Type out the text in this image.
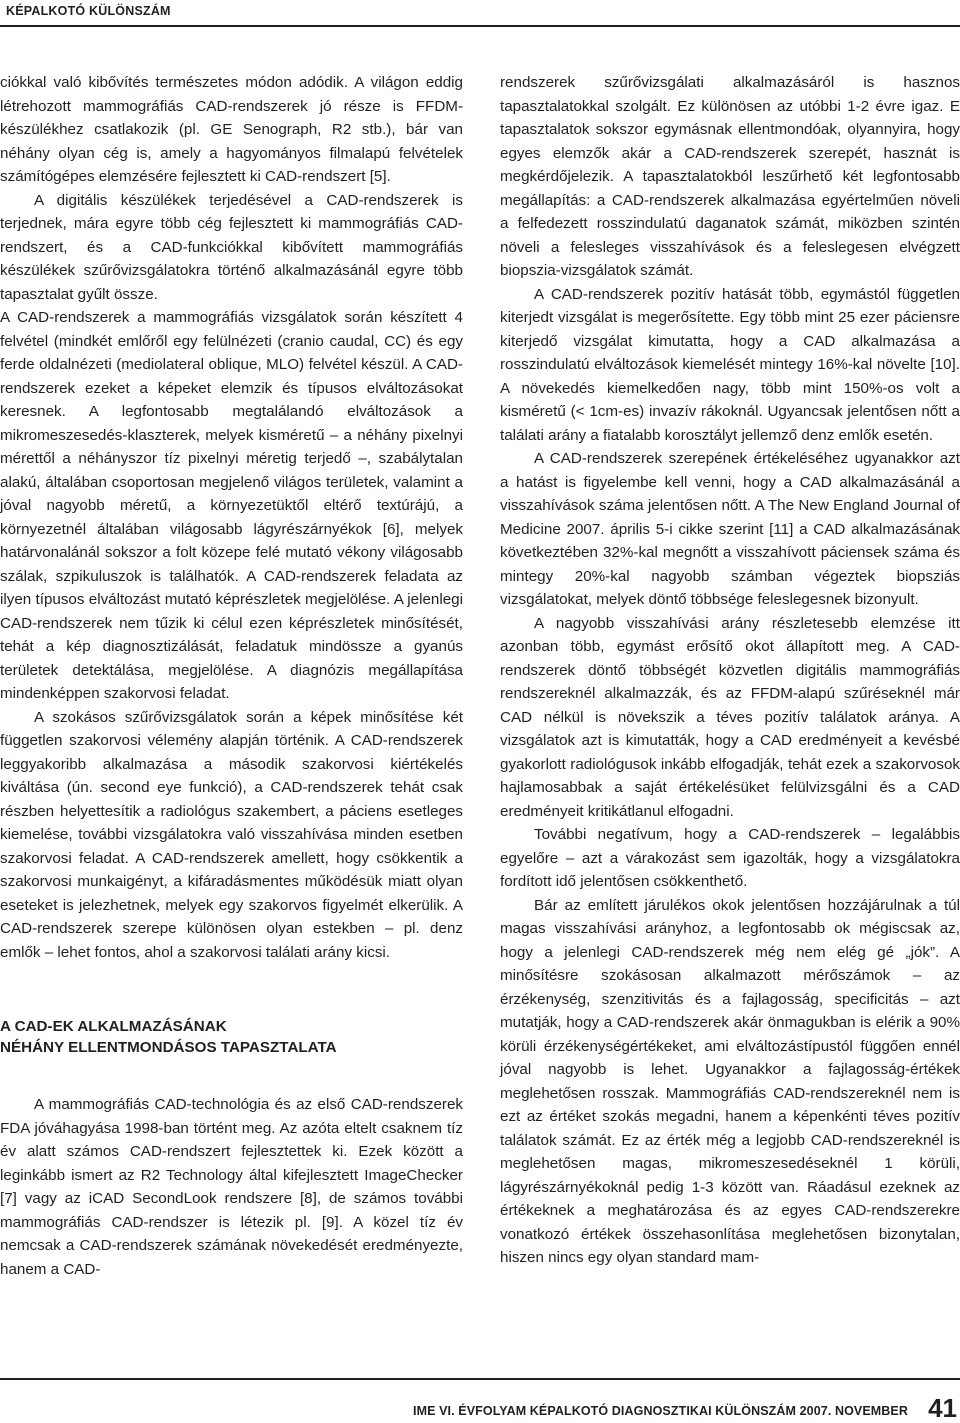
KÉPALKOTÓ KÜLÖNSZÁM

ciókkal való kibővítés természetes módon adódik. A világon eddig létrehozott mammográfiás CAD-rendszerek jó része is FFDM-készülékhez csatlakozik (pl. GE Senograph, R2 stb.), bár van néhány olyan cég is, amely a hagyományos filmalapú felvételek számítógépes elemzésére fejlesztett ki CAD-rendszert [5].

A digitális készülékek terjedésével a CAD-rendszerek is terjednek, mára egyre több cég fejlesztett ki mammográfiás CAD-rendszert, és a CAD-funkciókkal kibővített mammográfiás készülékek szűrővizsgálatokra történő alkalmazásánál egyre több tapasztalat gyűlt össze.

A CAD-rendszerek a mammográfiás vizsgálatok során készített 4 felvétel (mindkét emlőről egy felülnézeti (cranio caudal, CC) és egy ferde oldalnézeti (mediolateral oblique, MLO) felvétel készül. A CAD-rendszerek ezeket a képeket elemzik és típusos elváltozásokat keresnek. A legfontosabb megtalálandó elváltozások a mikromeszesedés-klaszterek, melyek kisméretű – a néhány pixelnyi mérettől a néhányszor tíz pixelnyi méretig terjedő –, szabálytalan alakú, általában csoportosan megjelenő világos területek, valamint a jóval nagyobb méretű, a környezetüktől eltérő textúrájú, a környezetnél általában világosabb lágyrészárnyékok [6], melyek határvonalánál sokszor a folt közepe felé mutató vékony világosabb szálak, szpikuluszok is találhatók. A CAD-rendszerek feladata az ilyen típusos elváltozást mutató képrészletek megjelölése. A jelenlegi CAD-rendszerek nem tűzik ki célul ezen képrészletek minősítését, tehát a kép diagnosztizálását, feladatuk mindössze a gyanús területek detektálása, megjelölése. A diagnózis megállapítása mindenképpen szakorvosi feladat.

A szokásos szűrővizsgálatok során a képek minősítése két független szakorvosi vélemény alapján történik. A CAD-rendszerek leggyakoribb alkalmazása a második szakorvosi kiértékelés kiváltása (ún. second eye funkció), a CAD-rendszerek tehát csak részben helyettesítik a radiológus szakembert, a páciens esetleges kiemelése, további vizsgálatokra való visszahívása minden esetben szakorvosi feladat. A CAD-rendszerek amellett, hogy csökkentik a szakorvosi munkaigényt, a kifáradásmentes működésük miatt olyan eseteket is jelezhetnek, melyek egy szakorvos figyelmét elkerülik. A CAD-rendszerek szerepe különösen olyan estekben – pl. denz emlők – lehet fontos, ahol a szakorvosi találati arány kicsi.

A CAD-EK ALKALMAZÁSÁNAK
NÉHÁNY ELLENTMONDÁSOS TAPASZTALATA

A mammográfiás CAD-technológia és az első CAD-rendszerek FDA jóváhagyása 1998-ban történt meg. Az azóta eltelt csaknem tíz év alatt számos CAD-rendszert fejlesztettek ki. Ezek között a leginkább ismert az R2 Technology által kifejlesztett ImageChecker [7] vagy az iCAD SecondLook rendszere [8], de számos további mammográfiás CAD-rendszer is létezik pl. [9]. A közel tíz év nemcsak a CAD-rendszerek számának növekedését eredményezte, hanem a CAD-

rendszerek szűrővizsgálati alkalmazásáról is hasznos tapasztalatokkal szolgált. Ez különösen az utóbbi 1-2 évre igaz. E tapasztalatok sokszor egymásnak ellentmondóak, olyannyira, hogy egyes elemzők akár a CAD-rendszerek szerepét, hasznát is megkérdőjelezik. A tapasztalatokból leszűrhető két legfontosabb megállapítás: a CAD-rendszerek alkalmazása egyértelműen növeli a felfedezett rosszindulatú daganatok számát, miközben szintén növeli a felesleges visszahívások és a feleslegesen elvégzett biopszia-vizsgálatok számát.

A CAD-rendszerek pozitív hatását több, egymástól független kiterjedt vizsgálat is megerősítette. Egy több mint 25 ezer páciensre kiterjedő vizsgálat kimutatta, hogy a CAD alkalmazása a rosszindulatú elváltozások kiemelését mintegy 16%-kal növelte [10]. A növekedés kiemelkedően nagy, több mint 150%-os volt a kisméretű (< 1cm-es) invazív rákoknál. Ugyancsak jelentősen nőtt a találati arány a fiatalabb korosztályt jellemző denz emlők esetén.

A CAD-rendszerek szerepének értékeléséhez ugyanakkor azt a hatást is figyelembe kell venni, hogy a CAD alkalmazásánál a visszahívások száma jelentősen nőtt. A The New England Journal of Medicine 2007. április 5-i cikke szerint [11] a CAD alkalmazásának következtében 32%-kal megnőtt a visszahívott páciensek száma és mintegy 20%-kal nagyobb számban végeztek biopsziás vizsgálatokat, melyek döntő többsége feleslegesnek bizonyult.

A nagyobb visszahívási arány részletesebb elemzése itt azonban több, egymást erősítő okot állapított meg. A CAD-rendszerek döntő többségét közvetlen digitális mammográfiás rendszereknél alkalmazzák, és az FFDM-alapú szűréseknél már CAD nélkül is növekszik a téves pozitív találatok aránya. A vizsgálatok azt is kimutatták, hogy a CAD eredményeit a kevésbé gyakorlott radiológusok inkább elfogadják, tehát ezek a szakorvosok hajlamosabbak a saját értékelésüket felülvizsgálni és a CAD eredményeit kritikátlanul elfogadni.

További negatívum, hogy a CAD-rendszerek – legalábbis egyelőre – azt a várakozást sem igazolták, hogy a vizsgálatokra fordított idő jelentősen csökkenthető.

Bár az említett járulékos okok jelentősen hozzájárulnak a túl magas visszahívási arányhoz, a legfontosabb ok mégiscsak az, hogy a jelenlegi CAD-rendszerek még nem elég gé „jók”. A minősítésre szokásosan alkalmazott mérőszámok – az érzékenység, szenzitivitás és a fajlagosság, specificitás – azt mutatják, hogy a CAD-rendszerek akár önmagukban is elérik a 90% körüli érzékenységértékeket, ami elváltozástípustól függően ennél jóval nagyobb is lehet. Ugyanakkor a fajlagosság-értékek meglehetősen rosszak. Mammográfiás CAD-rendszereknél nem is ezt az értéket szokás megadni, hanem a képenkénti téves pozitív találatok számát. Ez az érték még a legjobb CAD-rendszereknél is meglehetősen magas, mikromeszesedéseknél 1 körüli, lágyrészárnyékoknál pedig 1-3 között van. Ráadásul ezeknek az értékeknek a meghatározása és az egyes CAD-rendszerekre vonatkozó értékek összehasonlítása meglehetősen bizonytalan, hiszen nincs egy olyan standard mam-

IME VI. ÉVFOLYAM KÉPALKOTÓ DIAGNOSZTIKAI KÜLÖNSZÁM 2007. NOVEMBER 41
